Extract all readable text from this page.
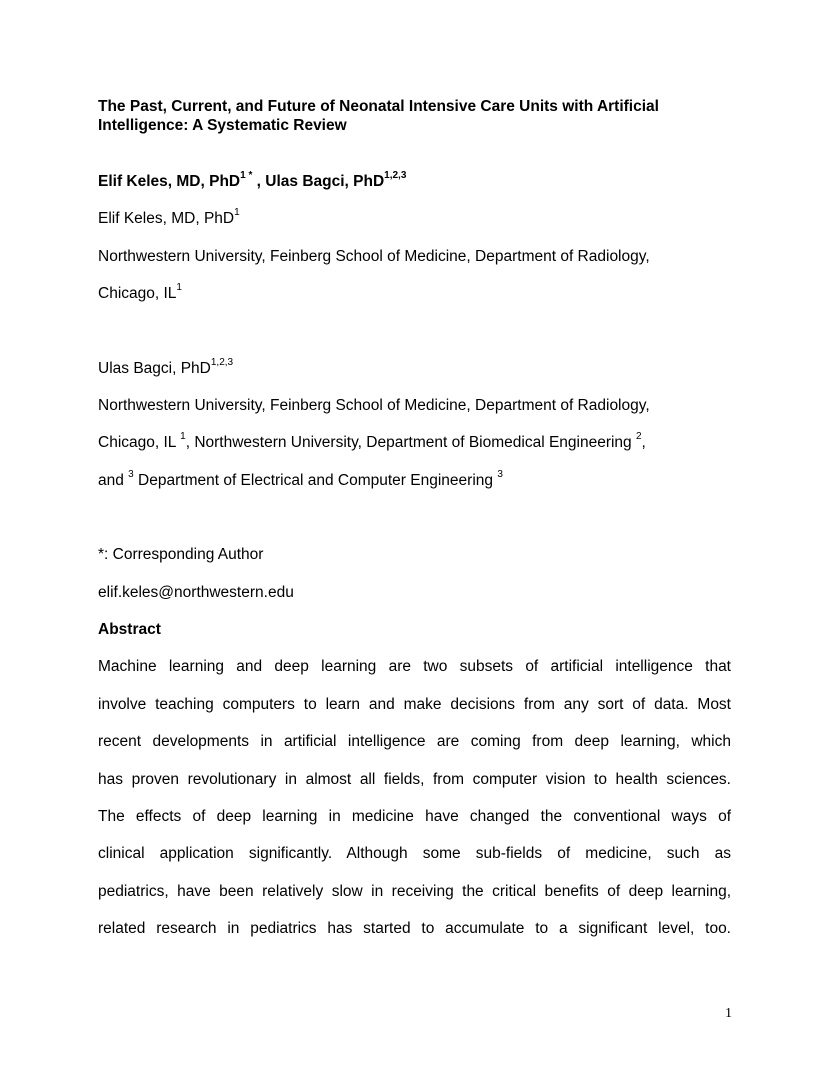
The Past, Current, and Future of Neonatal Intensive Care Units with Artificial
Intelligence: A Systematic Review
Elif Keles, MD, PhD$^{1 *}$ , Ulas Bagci, PhD$^{1,2,3}$
Elif Keles, MD, PhD$^1$
Northwestern University, Feinberg School of Medicine, Department of Radiology,
Chicago, $IL^1$
Ulas Bagci, PhD$^{1,2,3}$
Northwestern University, Feinberg School of Medicine, Department of Radiology,
Chicago, IL $^1$, Northwestern University, Department of Biomedical Engineering $^2$,
and $^3$ Department of Electrical and Computer Engineering $^3$
*: Corresponding Author
elif.keles@northwestern.edu
Abstract
Machine learning and deep learning are two subsets of artificial intelligence that
involve teaching computers to learn and make decisions from any sort of data. Most
recent developments in artificial intelligence are coming from deep learning, which
has proven revolutionary in almost all fields, from computer vision to health sciences.
The effects of deep learning in medicine have changed the conventional ways of
clinical application significantly. Although some sub-fields of medicine, such as
pediatrics, have been relatively slow in receiving the critical benefits of deep learning,
related research in pediatrics has started to accumulate to a significant level, too.
1
